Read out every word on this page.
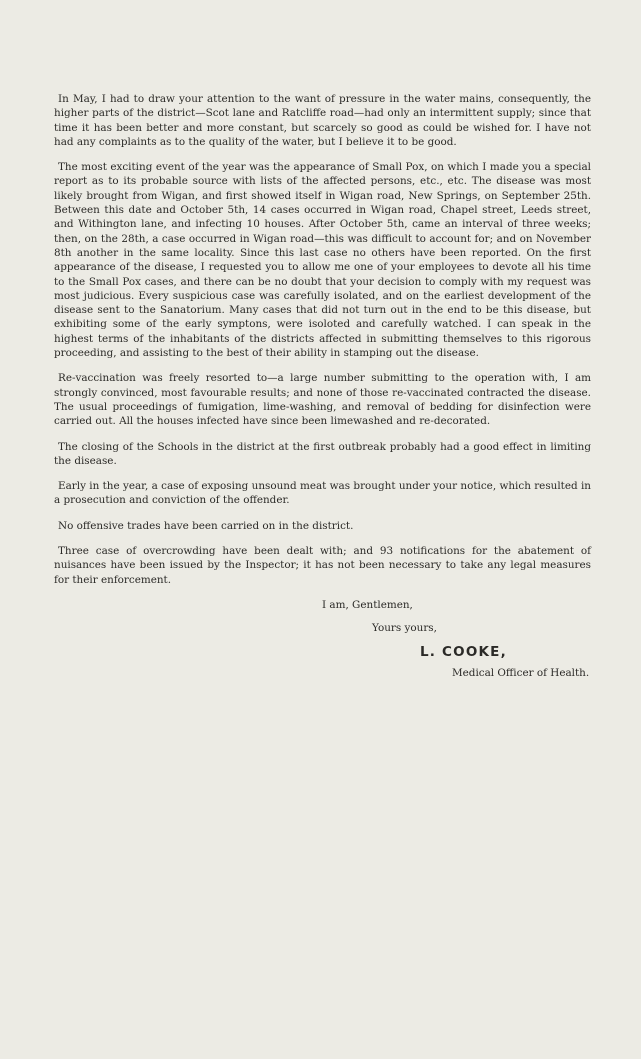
In May, I had to draw your attention to the want of pressure in the water mains, consequently, the higher parts of the district—Scot lane and Ratcliffe road—had only an intermittent supply; since that time it has been better and more constant, but scarcely so good as could be wished for. I have not had any complaints as to the quality of the water, but I believe it to be good.

The most exciting event of the year was the appearance of Small Pox, on which I made you a special report as to its probable source with lists of the affected persons, etc., etc. The disease was most likely brought from Wigan, and first showed itself in Wigan road, New Springs, on September 25th. Between this date and October 5th, 14 cases occurred in Wigan road, Chapel street, Leeds street, and Withington lane, and infecting 10 houses. After October 5th, came an interval of three weeks; then, on the 28th, a case occurred in Wigan road—this was difficult to account for; and on November 8th another in the same locality. Since this last case no others have been reported. On the first appearance of the disease, I requested you to allow me one of your employees to devote all his time to the Small Pox cases, and there can be no doubt that your decision to comply with my request was most judicious. Every suspicious case was carefully isolated, and on the earliest development of the disease sent to the Sanatorium. Many cases that did not turn out in the end to be this disease, but exhibiting some of the early symptons, were isoloted and carefully watched. I can speak in the highest terms of the inhabitants of the districts affected in submitting themselves to this rigorous proceeding, and assisting to the best of their ability in stamping out the disease.

Re-vaccination was freely resorted to—a large number submitting to the operation with, I am strongly convinced, most favourable results; and none of those re-vaccinated contracted the disease. The usual proceedings of fumigation, lime-washing, and removal of bedding for disinfection were carried out. All the houses infected have since been limewashed and re-decorated.

The closing of the Schools in the district at the first outbreak probably had a good effect in limiting the disease.

Early in the year, a case of exposing unsound meat was brought under your notice, which resulted in a prosecution and conviction of the offender.

No offensive trades have been carried on in the district.

Three case of overcrowding have been dealt with; and 93 notifications for the abatement of nuisances have been issued by the Inspector; it has not been necessary to take any legal measures for their enforcement.

I am, Gentlemen,
Yours yours,
L. COOKE,
Medical Officer of Health.
